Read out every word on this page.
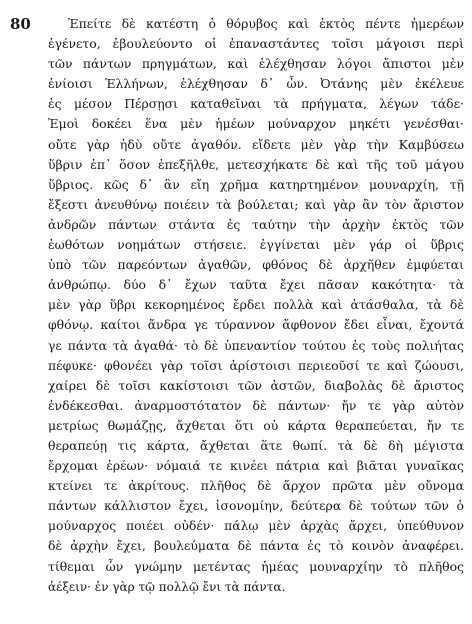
80	Ἐπείτε δὲ κατέστη ὁ θόρυβος καὶ ἐκτὸς πέντε ἡμερέων
ἐγένετο, ἐβουλεύοντο οἱ ἐπαναστάντες τοῖσι μάγοισι περὶ
τῶν πάντων πρηγμάτων, καὶ ἐλέχθησαν λόγοι ἄπιστοι μὲν
ἐνίοισι Ἑλλήνων, ἐλέχθησαν δ᾽ ὦν. Ὀτάνης μὲν ἐκέλευε
ἐς μέσον Πέρσῃσι καταθεῖναι τὰ πρήγματα, λέγων τάδε·
Ἐμοὶ δοκέει ἕνα μὲν ἡμέων μούναρχον μηκέτι γενέσθαι·
οὔτε γὰρ ἡδὺ οὔτε ἀγαθόν. εἴδετε μὲν γὰρ τὴν Καμβύσεω
ὕβριν ἐπ᾽ ὅσον ἐπεξῆλθε, μετεσχήκατε δὲ καὶ τῆς τοῦ μάγου
ὕβριος. κῶς δ᾽ ἂν εἴη χρῆμα κατηρτημένον μουναρχίη, τῇ
ἔξεστι ἀνευθύνῳ ποιέειν τὰ βούλεται; καὶ γὰρ ἂν τὸν ἄριστον
ἀνδρῶν πάντων στάντα ἐς ταύτην τὴν ἀρχὴν ἐκτὸς τῶν
ἐωθότων νοημάτων στήσειε. ἐγγίνεται μὲν γάρ οἱ ὕβρις
ὑπὸ τῶν παρεόντων ἀγαθῶν, φθόνος δὲ ἀρχῆθεν ἐμφύεται
ἀνθρώπῳ. δύο δ᾽ ἔχων ταῦτα ἔχει πᾶσαν κακότητα· τὰ
μὲν γὰρ ὕβρι κεκορημένος ἔρδει πολλὰ καὶ ἀτάσθαλα, τὰ δὲ
φθόνῳ. καίτοι ἄνδρα γε τύραννον ἄφθονον ἔδει εἶναι, ἔχοντά
γε πάντα τὰ ἀγαθά· τὸ δὲ ὑπεναντίον τούτου ἐς τοὺς πολιήτας
πέφυκε· φθονέει γὰρ τοῖσι ἀρίστοισι περιεοῦσί τε καὶ ζώουσι,
χαίρει δὲ τοῖσι κακίστοισι τῶν ἀστῶν, διαβολὰς δὲ ἄριστος
ἐνδέκεσθαι. ἀναρμοστότατον δὲ πάντων· ἤν τε γὰρ αὐτὸν
μετρίως θωμάζῃς, ἄχθεται ὅτι οὐ κάρτα θεραπεύεται, ἤν τε
θεραπεύῃ τις κάρτα, ἄχθεται ἅτε θωπί. τὰ δὲ δὴ μέγιστα
ἔρχομαι ἐρέων· νόμαιά τε κινέει πάτρια καὶ βιᾶται γυναῖκας
κτείνει τε ἀκρίτους. πλῆθος δὲ ἄρχον πρῶτα μὲν οὔνομα
πάντων κάλλιστον ἔχει, ἰσονομίην, δεύτερα δὲ τούτων τῶν ὁ
μούναρχος ποιέει οὐδέν· πάλῳ μὲν ἀρχὰς ἄρχει, ὑπεύθυνον
δὲ ἀρχὴν ἔχει, βουλεύματα δὲ πάντα ἐς τὸ κοινὸν ἀναφέρει.
τίθεμαι ὦν γνώμην μετέντας ἡμέας μουναρχίην τὸ πλῆθος
ἀέξειν· ἐν γὰρ τῷ πολλῷ ἔνι τὰ πάντα.
